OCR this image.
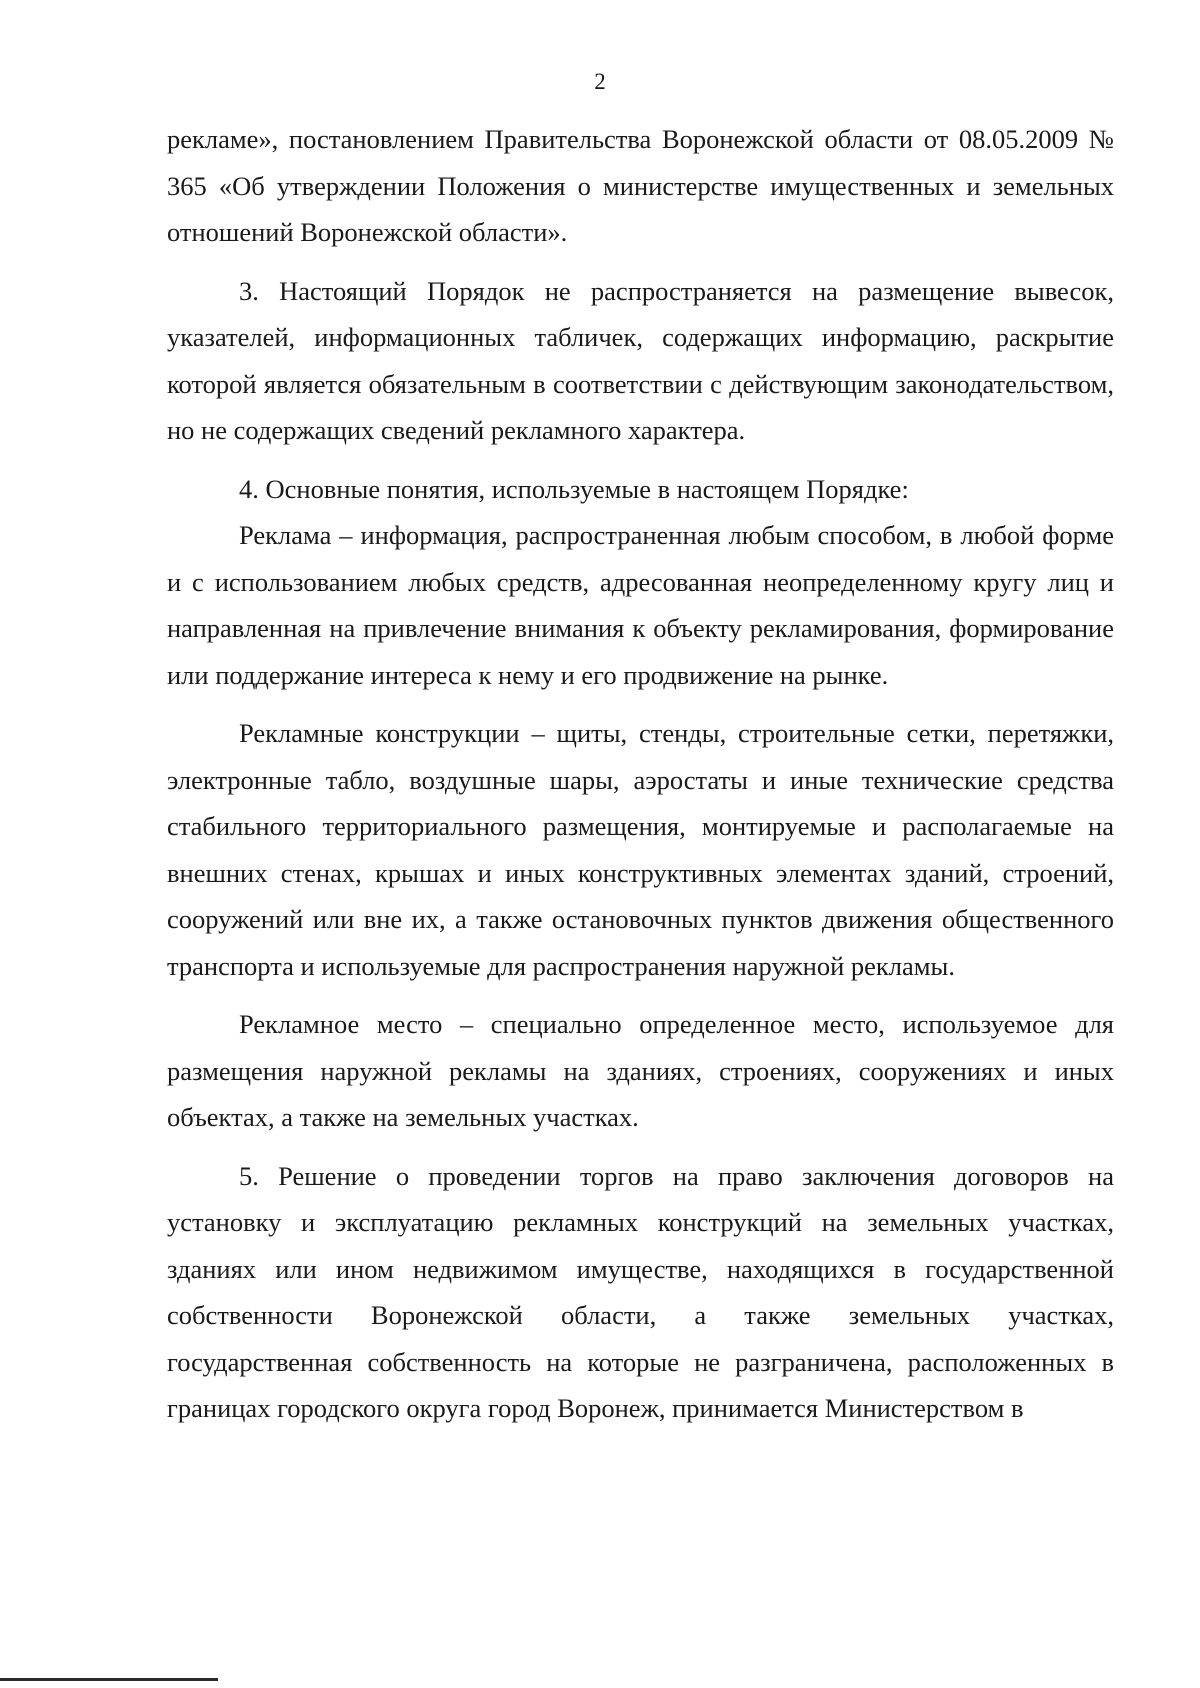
2

рекламе», постановлением Правительства Воронежской области от 08.05.2009 № 365 «Об утверждении Положения о министерстве имущественных и земельных отношений Воронежской области».

3. Настоящий Порядок не распространяется на размещение вывесок, указателей, информационных табличек, содержащих информацию, раскрытие которой является обязательным в соответствии с действующим законодательством, но не содержащих сведений рекламного характера.

4. Основные понятия, используемые в настоящем Порядке:

Реклама – информация, распространенная любым способом, в любой форме и с использованием любых средств, адресованная неопределенному кругу лиц и направленная на привлечение внимания к объекту рекламирования, формирование или поддержание интереса к нему и его продвижение на рынке.

Рекламные конструкции – щиты, стенды, строительные сетки, перетяжки, электронные табло, воздушные шары, аэростаты и иные технические средства стабильного территориального размещения, монтируемые и располагаемые на внешних стенах, крышах и иных конструктивных элементах зданий, строений, сооружений или вне их, а также остановочных пунктов движения общественного транспорта и используемые для распространения наружной рекламы.

Рекламное место – специально определенное место, используемое для размещения наружной рекламы на зданиях, строениях, сооружениях и иных объектах, а также на земельных участках.

5. Решение о проведении торгов на право заключения договоров на установку и эксплуатацию рекламных конструкций на земельных участках, зданиях или ином недвижимом имуществе, находящихся в государственной собственности Воронежской области, а также земельных участках, государственная собственность на которые не разграничена, расположенных в границах городского округа город Воронеж, принимается Министерством в
